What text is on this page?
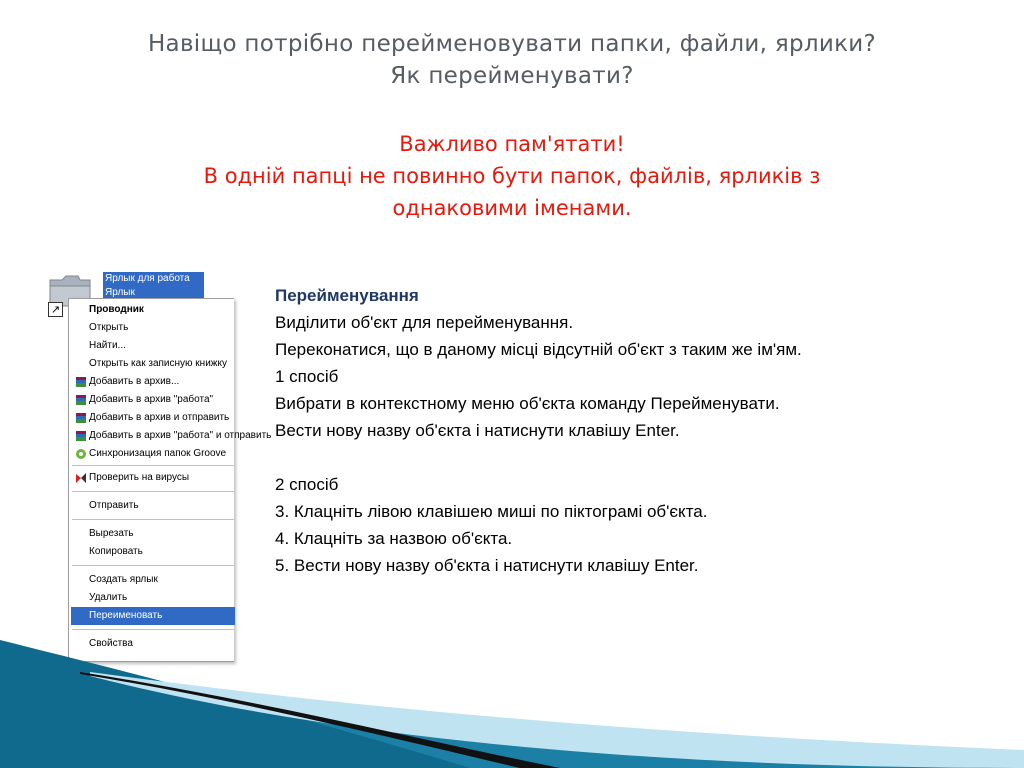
Навіщо потрібно перейменовувати папки, файли, ярлики?
Як перейменувати?
Важливо пам'ятати!
В одній папці не повинно бути папок, файлів, ярликів з
однаковими іменами.
↗
Ярлык для работа
Ярлык
Проводник
Открыть
Найти...
Открыть как записную книжку
Добавить в архив...
Добавить в архив "работа"
Добавить в архив и отправить
Добавить в архив "работа" и отправить
Синхронизация папок Groove
Проверить на вирусы
Отправить
Вырезать
Копировать
Создать ярлык
Удалить
Переименовать
Свойства
Перейменування
Виділити об'єкт для перейменування.
Переконатися, що в даному місці відсутній об'єкт з таким же ім'ям.
1 спосіб
Вибрати в контекстному меню об'єкта команду Перейменувати.
Вести нову назву об'єкта і натиснути клавішу Enter.
2 спосіб
3. Клацніть лівою клавішею миші по піктограмі об'єкта.
4. Клацніть за назвою об'єкта.
5. Вести нову назву об'єкта і натиснути клавішу Enter.
